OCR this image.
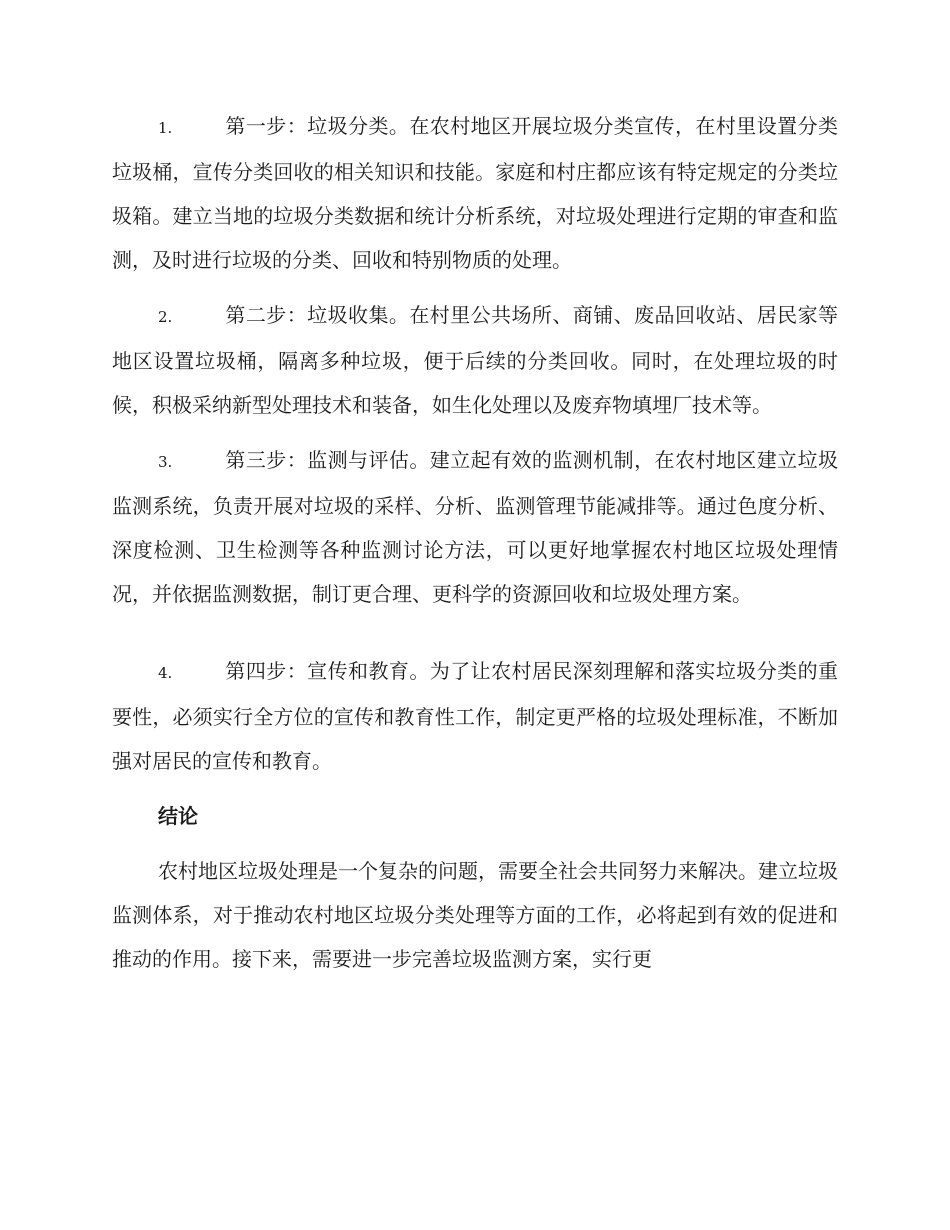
1.	第一步：垃圾分类。在农村地区开展垃圾分类宣传，在村里设置分类垃圾桶，宣传分类回收的相关知识和技能。家庭和村庄都应该有特定规定的分类垃圾箱。建立当地的垃圾分类数据和统计分析系统，对垃圾处理进行定期的审查和监测，及时进行垃圾的分类、回收和特别物质的处理。

2.	第二步：垃圾收集。在村里公共场所、商铺、废品回收站、居民家等地区设置垃圾桶，隔离多种垃圾，便于后续的分类回收。同时，在处理垃圾的时候，积极采纳新型处理技术和装备，如生化处理以及废弃物填埋厂技术等。

3.	第三步：监测与评估。建立起有效的监测机制，在农村地区建立垃圾监测系统，负责开展对垃圾的采样、分析、监测管理节能减排等。通过色度分析、深度检测、卫生检测等各种监测讨论方法，可以更好地掌握农村地区垃圾处理情况，并依据监测数据，制订更合理、更科学的资源回收和垃圾处理方案。

4.	第四步：宣传和教育。为了让农村居民深刻理解和落实垃圾分类的重要性，必须实行全方位的宣传和教育性工作，制定更严格的垃圾处理标准，不断加强对居民的宣传和教育。

结论

农村地区垃圾处理是一个复杂的问题，需要全社会共同努力来解决。建立垃圾监测体系，对于推动农村地区垃圾分类处理等方面的工作，必将起到有效的促进和推动的作用。接下来，需要进一步完善垃圾监测方案，实行更
